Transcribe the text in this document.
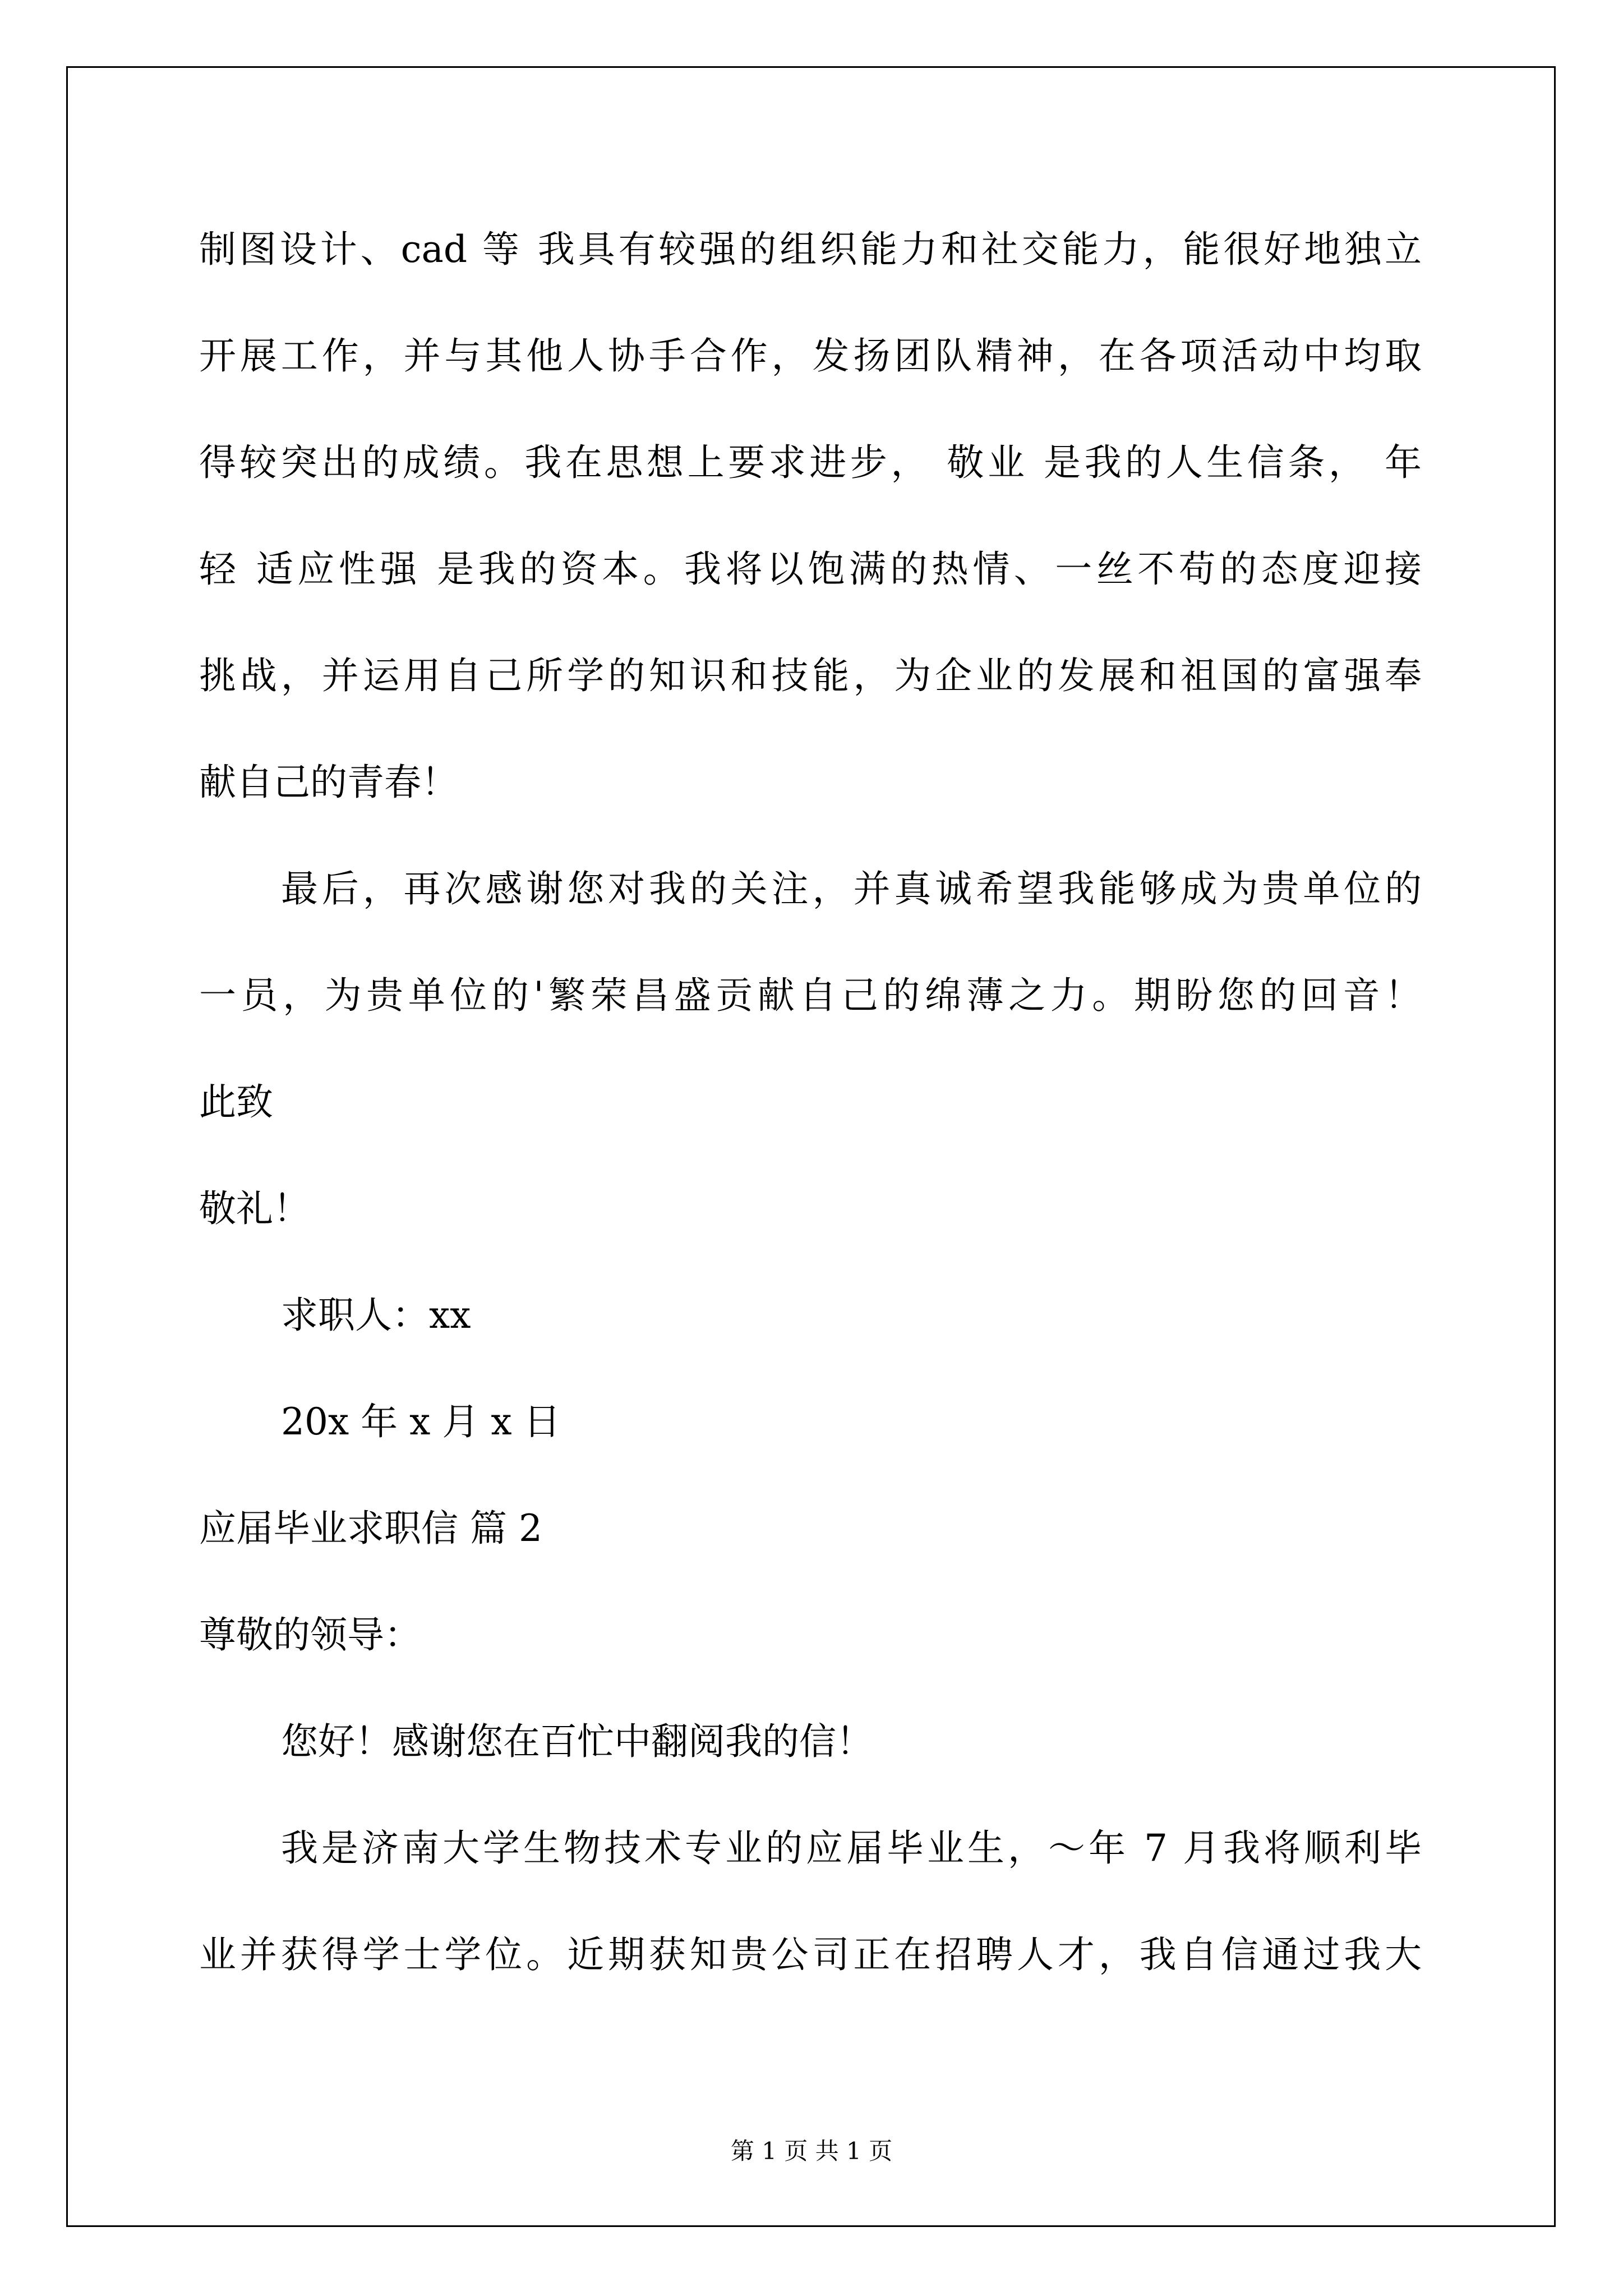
制图设计、cad 等 我具有较强的组织能力和社交能力，能很好地独立
开展工作，并与其他人协手合作，发扬团队精神，在各项活动中均取
得较突出的成绩。我在思想上要求进步， 敬业 是我的人生信条， 年
轻 适应性强 是我的资本。我将以饱满的热情、一丝不苟的态度迎接
挑战，并运用自己所学的知识和技能，为企业的发展和祖国的富强奉
献自己的青春！
最后，再次感谢您对我的关注，并真诚希望我能够成为贵单位的
一员，为贵单位的'繁荣昌盛贡献自己的绵薄之力。期盼您的回音！
此致
敬礼！
求职人：xx
20x 年 x 月 x 日
应届毕业求职信 篇 2
尊敬的领导：
您好！感谢您在百忙中翻阅我的信！
我是济南大学生物技术专业的应届毕业生，～年 7 月我将顺利毕
业并获得学士学位。近期获知贵公司正在招聘人才，我自信通过我大
第 1 页 共 1 页
